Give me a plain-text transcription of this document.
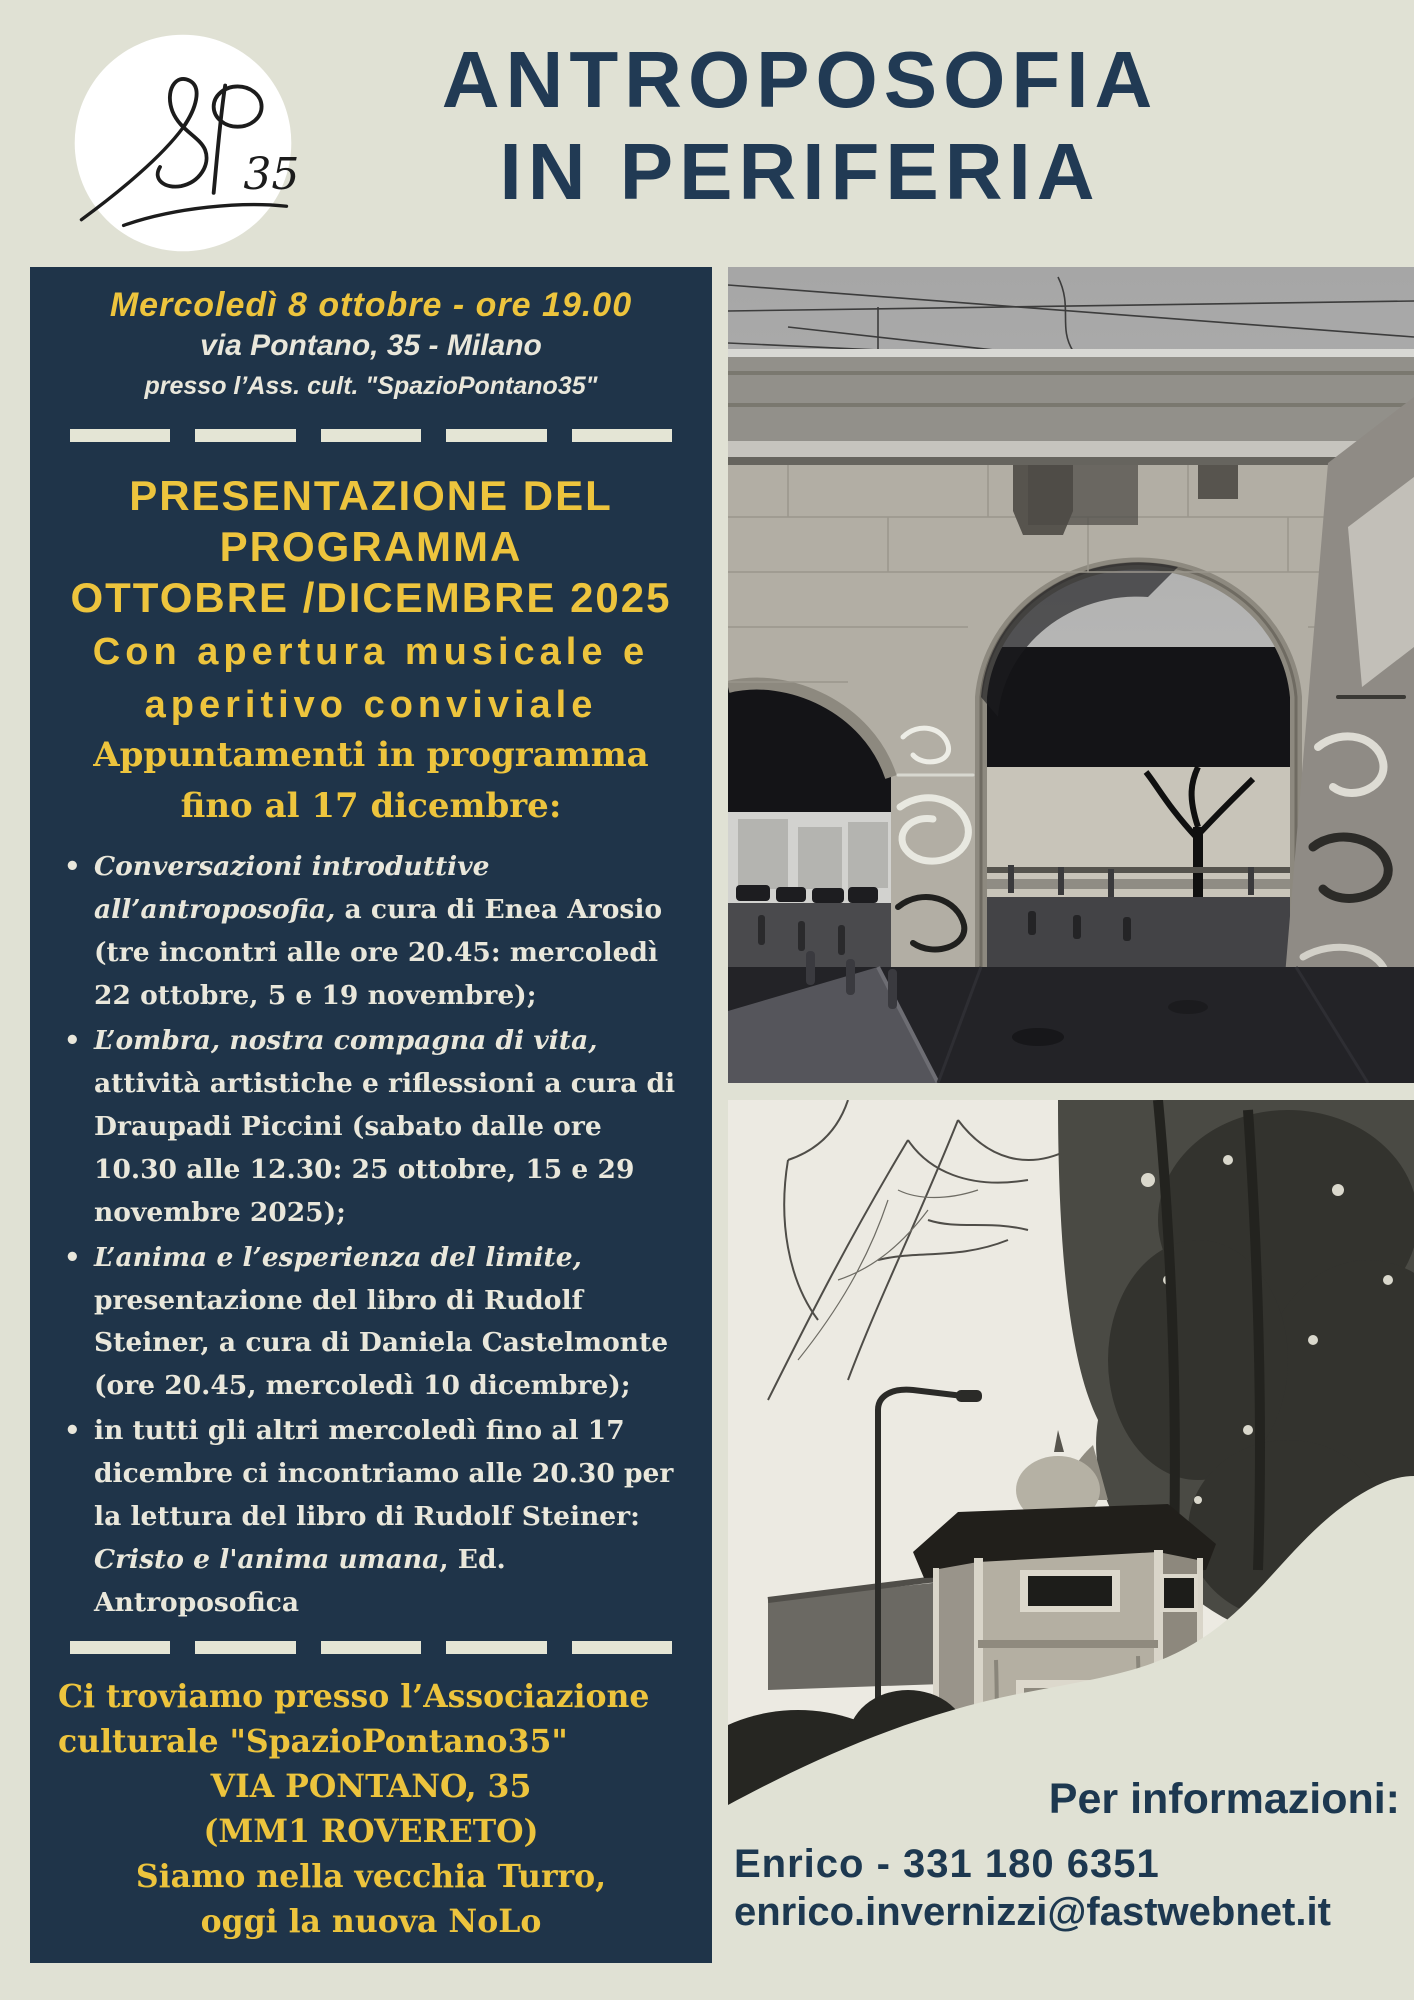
35
ANTROPOSOFIA
IN PERIFERIA
Mercoledì 8 ottobre - ore 19.00
via Pontano, 35 - Milano
presso l’Ass. cult. "SpazioPontano35"
PRESENTAZIONE DEL PROGRAMMA
OTTOBRE /DICEMBRE 2025
Con apertura musicale e
aperitivo conviviale
Appuntamenti in programma
fino al 17 dicembre:
• Conversazioni introduttive all’antroposofia, a cura di Enea Arosio (tre incontri alle ore 20.45: mercoledì 22 ottobre, 5 e 19 novembre);
• L’ombra, nostra compagna di vita, attività artistiche e riflessioni a cura di Draupadi Piccini (sabato dalle ore 10.30 alle 12.30: 25 ottobre, 15 e 29 novembre 2025);
• L’anima e l’esperienza del limite, presentazione del libro di Rudolf Steiner, a cura di Daniela Castelmonte (ore 20.45, mercoledì 10 dicembre);
• in tutti gli altri mercoledì fino al 17 dicembre ci incontriamo alle 20.30 per la lettura del libro di Rudolf Steiner: Cristo e l'anima umana, Ed. Antroposofica
Ci troviamo presso l’Associazione
culturale "SpazioPontano35"
VIA PONTANO, 35
(MM1 ROVERETO)
Siamo nella vecchia Turro,
oggi la nuova NoLo
Per informazioni:
Enrico - 331 180 6351
enrico.invernizzi@fastwebnet.it
